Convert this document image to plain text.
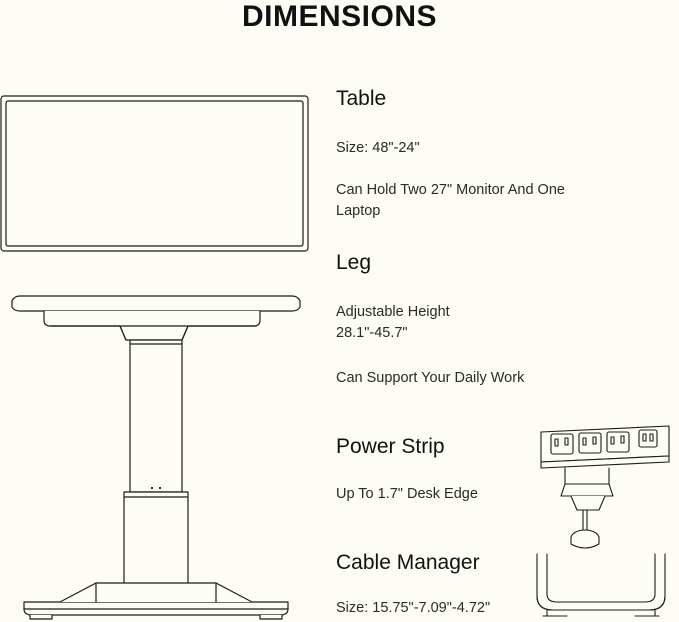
DIMENSIONS
Table
Size: 48"-24"
Can Hold Two 27" Monitor And One Laptop
Leg
Adjustable Height
28.1"-45.7"
Can Support Your Daily Work
Power Strip
Up To 1.7" Desk Edge
Cable Manager
Size: 15.75"-7.09"-4.72"
